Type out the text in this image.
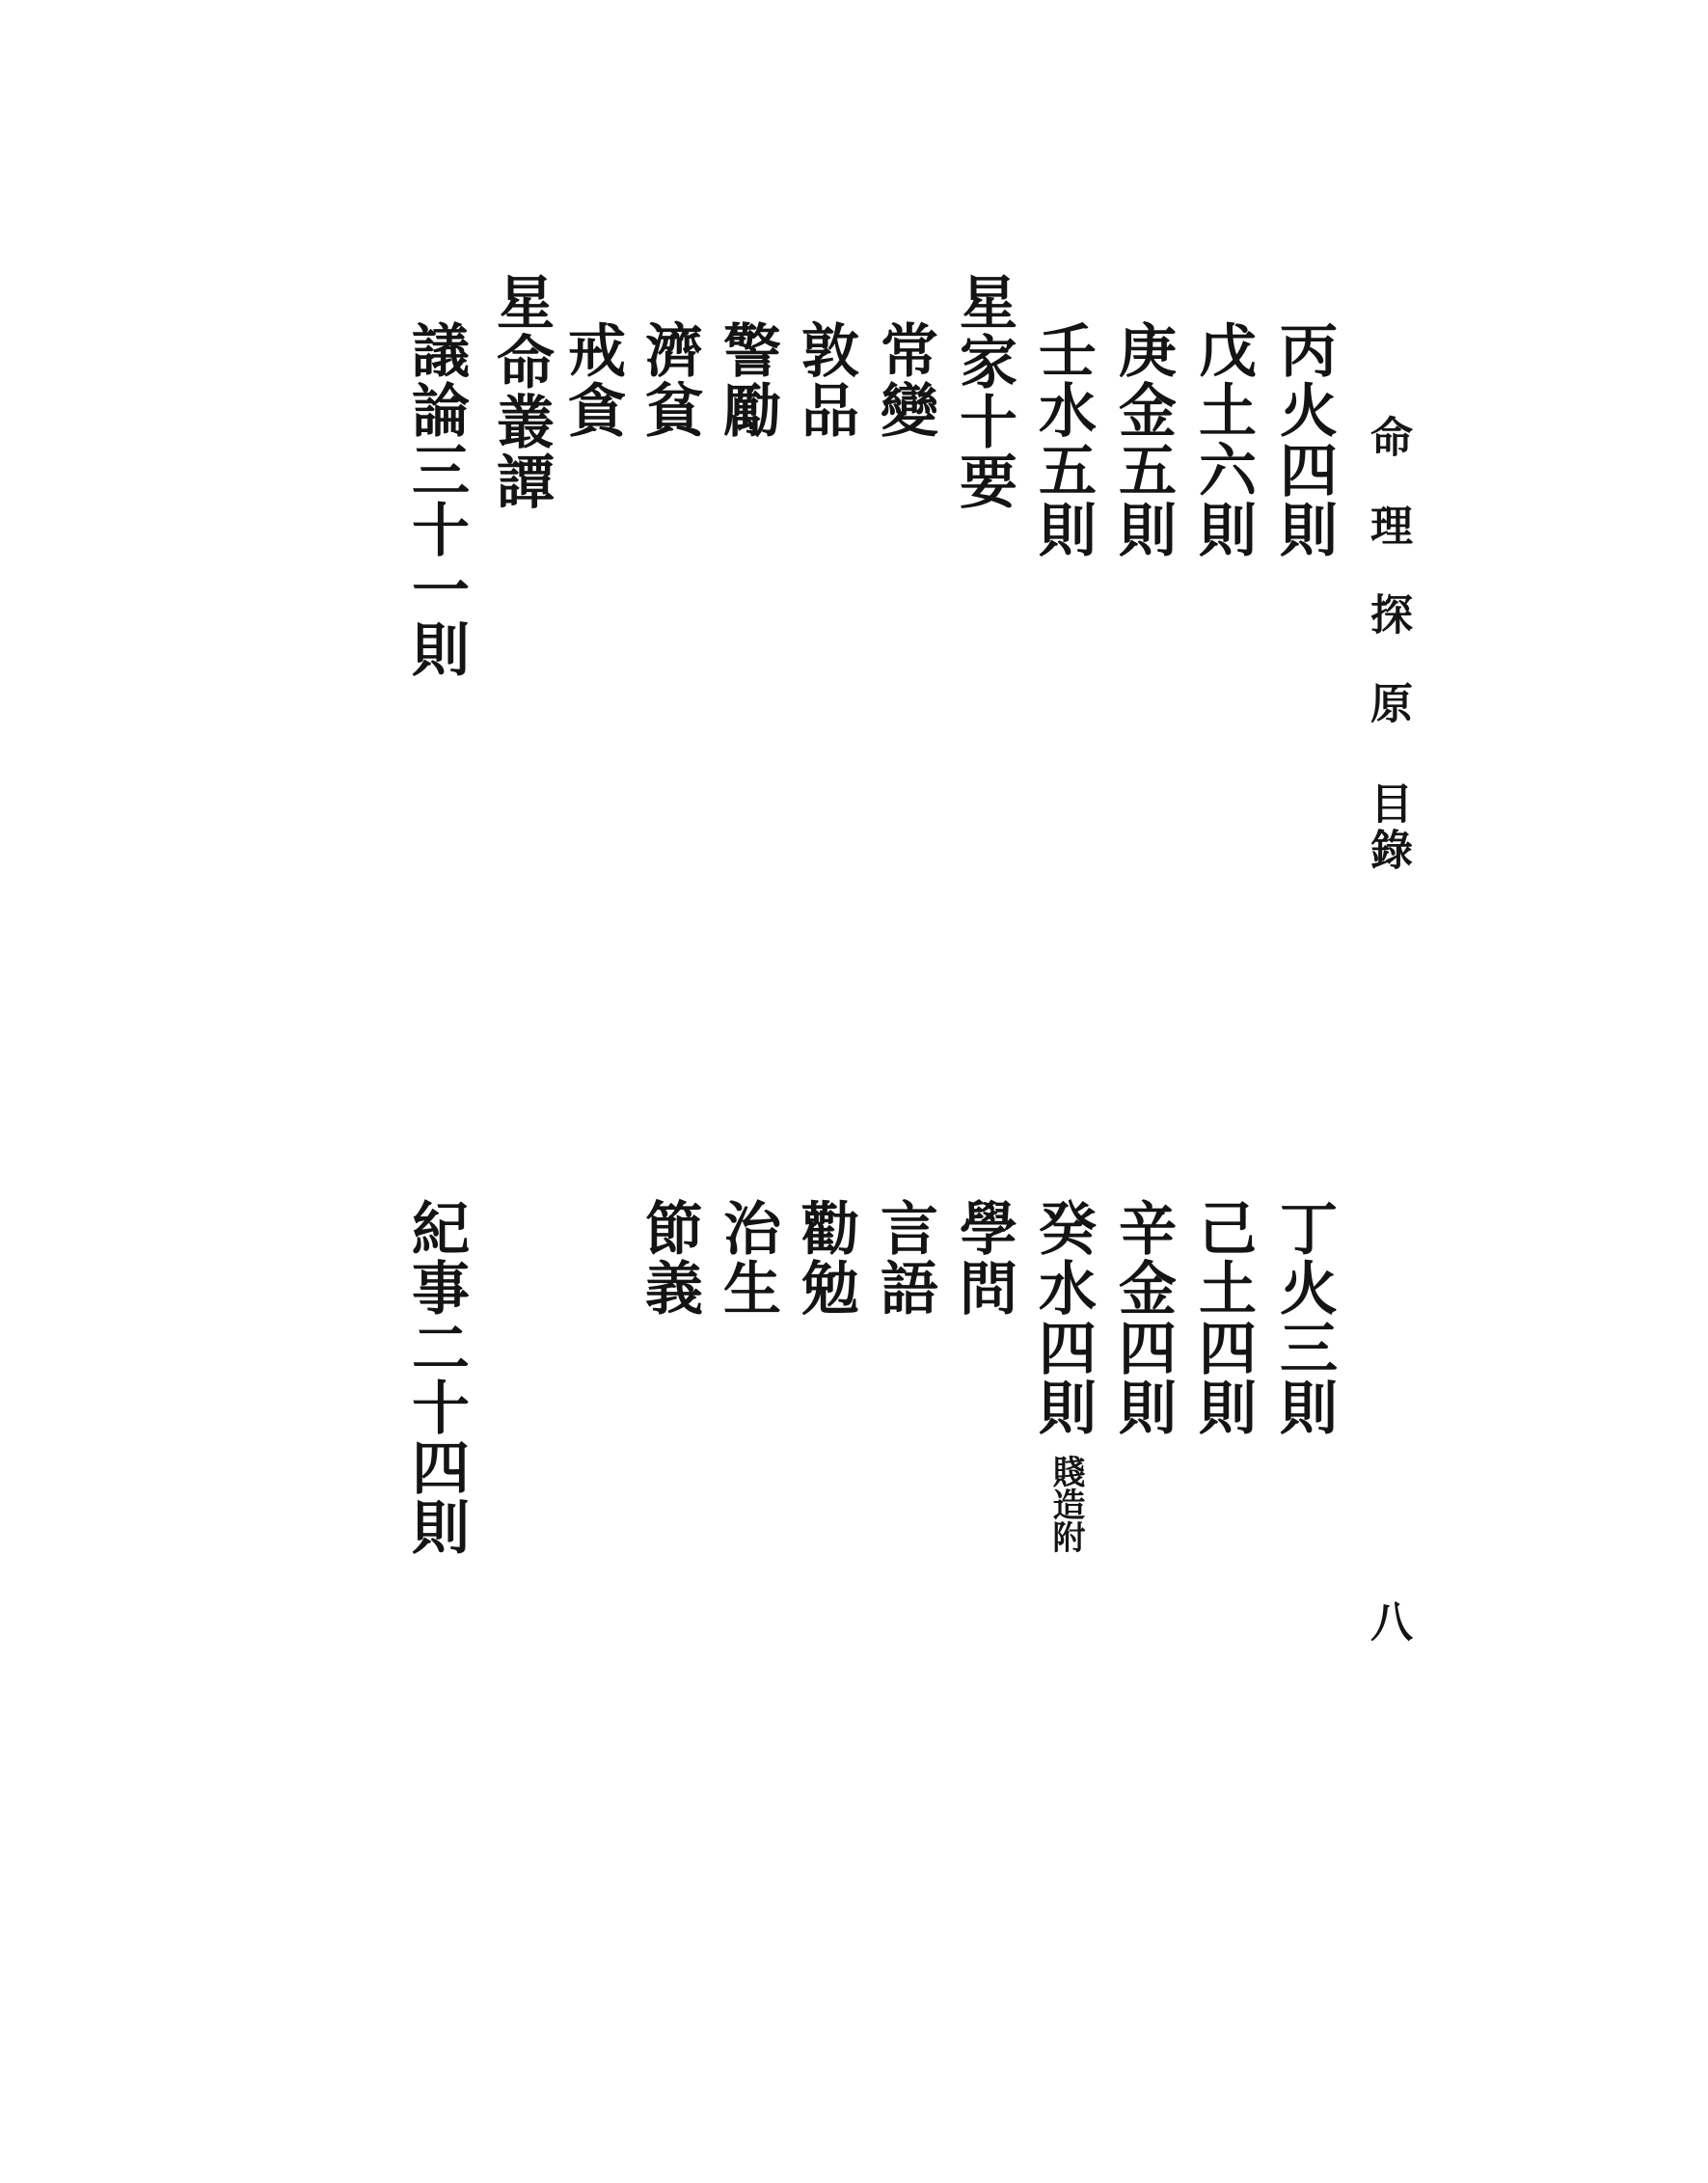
命理探原
目錄
八
丙火四則
戊土六則
庚金五則
壬水五則
星家十要
常變
敦品
警勵
濟貧
戒貪
星命叢譚
議論三十一則
丁火三則
己土四則
辛金四則
癸水四則
賤造附
學問
言語
勸勉
治生
節義
紀事二十四則
